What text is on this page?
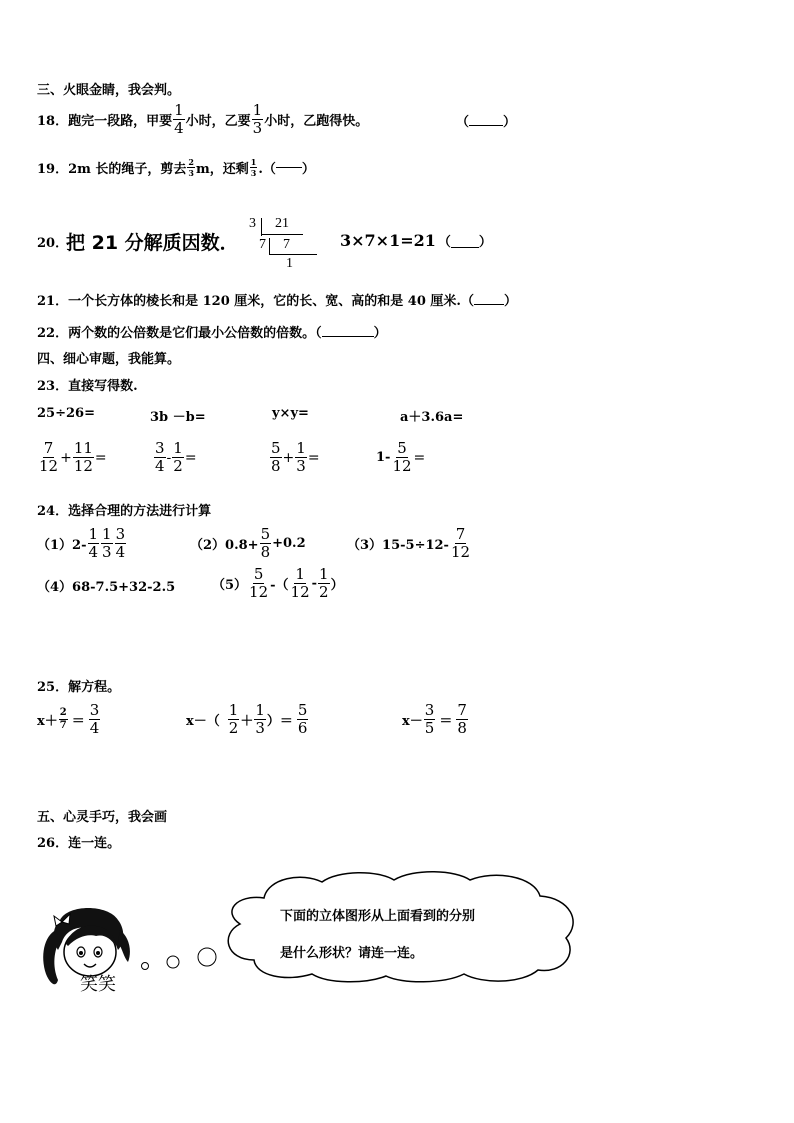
三、火眼金睛，我会判。
18． 跑完一段路，甲要 $\frac{1}{4}$ 小时，乙要 $\frac{1}{3}$ 小时，乙跑得快。	（	）
19． 2m 长的绳子，剪去 $\frac{2}{3}$ m，还剩 $\frac{1}{3}$ .（ ）
20．
把 21 分解质因数．
3 21
7 7
1
3×7×1=21 （ ）
21．一个长方体的棱长和是 120 厘米，它的长、宽、高的和是 40 厘米.（ ）
22．两个数的公倍数是它们最小公倍数的倍数。（	）
四、细心审题，我能算。
23．直接写得数.
25÷26=	3b －b=	y×y=	a＋3.6a=
$\frac{7}{12} + \frac{11}{12}$ =	$\frac{3}{4} - \frac{1}{2}$ =	$\frac{5}{8} + \frac{1}{3}$ =	$1- \frac{5}{12}$ =
24．选择合理的方法进行计算
$(1)2- \frac{1}{4} \frac{1}{3} \frac{3}{4}$	$(2)0.8+ \frac{5}{8} +0.2$	$(3)15-5\div 12- \frac{7}{12}$
（4）68-7.5+32-2.5	$(5) \frac{5}{12}$ -（ $\frac{1}{12} - \frac{1}{2}$ ）
25．解方程。
$x+ \frac{2}{7} = \frac{3}{4}$	$x-( \frac{1}{2} + \frac{1}{3}$ ）＝ $\frac{5}{6}$	$x- \frac{3}{5} = \frac{7}{8}$
五、心灵手巧，我会画
26．连一连。
笑笑
下面的立体图形从上面看到的分别
是什么形状？请连一连。
